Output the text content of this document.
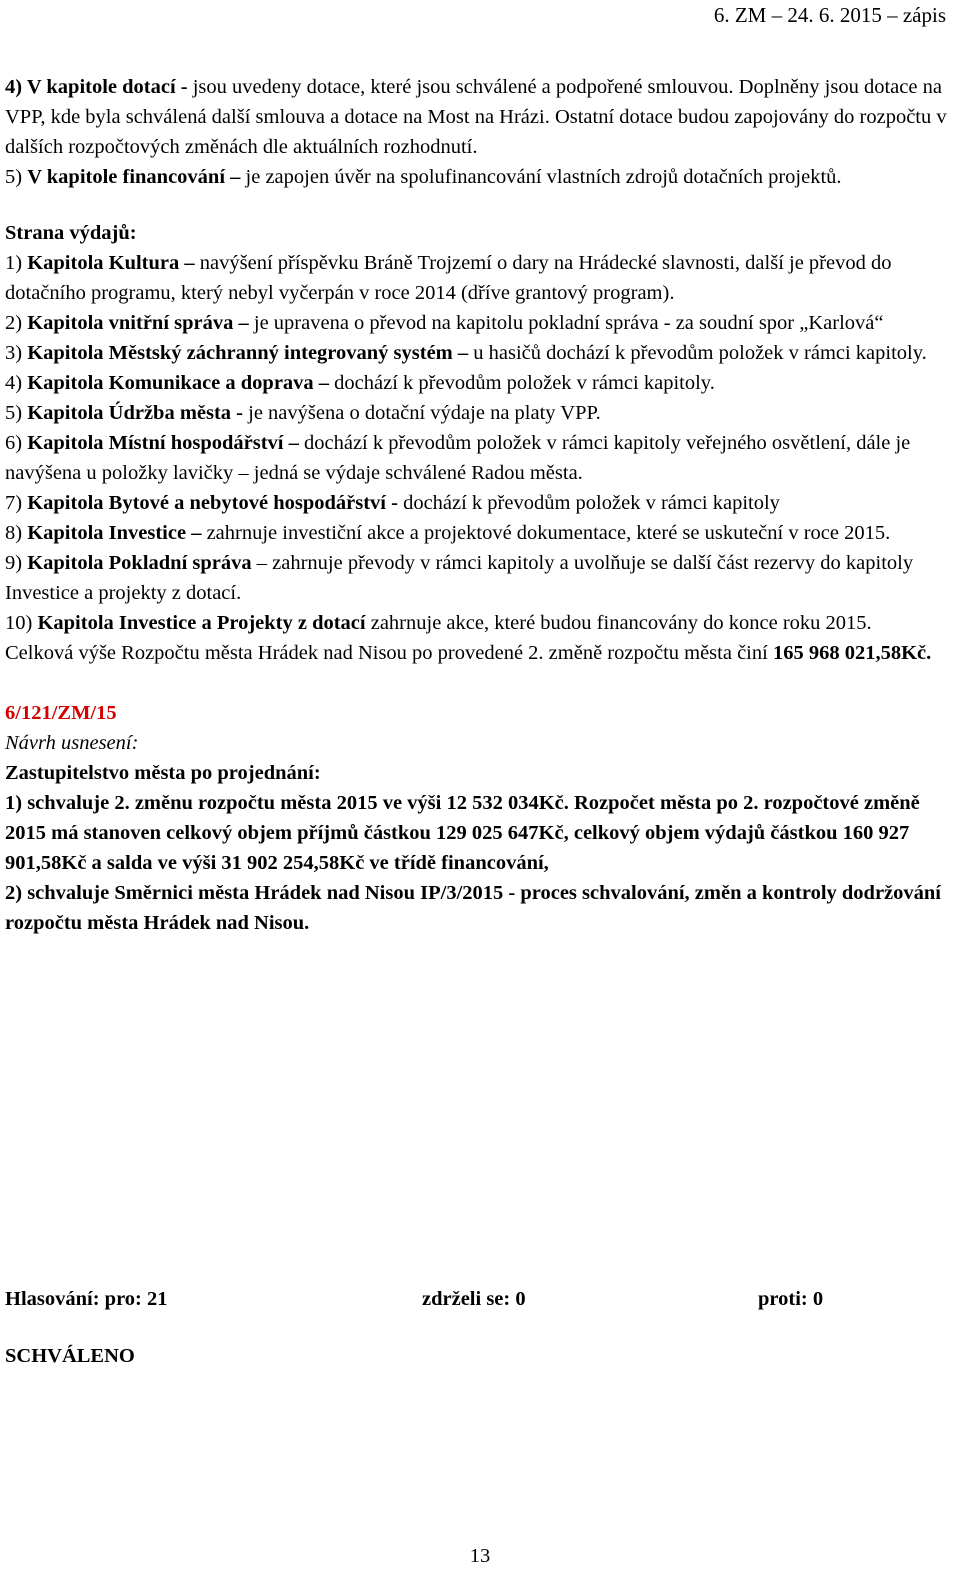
6. ZM – 24. 6. 2015 – zápis

4) V kapitole dotací - jsou uvedeny dotace, které jsou schválené a podpořené smlouvou. Doplněny jsou dotace na VPP, kde byla schválená další smlouva a dotace na Most na Hrázi. Ostatní dotace budou zapojovány do rozpočtu v dalších rozpočtových změnách dle aktuálních rozhodnutí.

5) V kapitole financování – je zapojen úvěr na spolufinancování vlastních zdrojů dotačních projektů.

Strana výdajů:

1) Kapitola Kultura – navýšení příspěvku Bráně Trojzemí o dary na Hrádecké slavnosti, další je převod do dotačního programu, který nebyl vyčerpán v roce 2014 (dříve grantový program).

2) Kapitola vnitřní správa – je upravena o převod na kapitolu pokladní správa - za soudní spor „Karlová“

3) Kapitola Městský záchranný integrovaný systém – u hasičů dochází k převodům položek v rámci kapitoly.

4) Kapitola Komunikace a doprava – dochází k převodům položek v rámci kapitoly.

5) Kapitola Údržba města - je navýšena o dotační výdaje na platy VPP.

6) Kapitola Místní hospodářství – dochází k převodům položek v rámci kapitoly veřejného osvětlení, dále je navýšena u položky lavičky – jedná se výdaje schválené Radou města.

7) Kapitola Bytové a nebytové hospodářství - dochází k převodům položek v rámci kapitoly

8) Kapitola Investice – zahrnuje investiční akce a projektové dokumentace, které se uskuteční v roce 2015.

9) Kapitola Pokladní správa – zahrnuje převody v rámci kapitoly a uvolňuje se další část rezervy do kapitoly Investice a projekty z dotací.

10) Kapitola Investice a Projekty z dotací zahrnuje akce, které budou financovány do konce roku 2015.

Celková výše Rozpočtu města Hrádek nad Nisou po provedené 2. změně rozpočtu města činí 165 968 021,58Kč.

6/121/ZM/15

Návrh usnesení:

Zastupitelstvo města po projednání:

1) schvaluje 2. změnu rozpočtu města 2015 ve výši 12 532 034Kč. Rozpočet města po 2. rozpočtové změně 2015 má stanoven celkový objem příjmů částkou 129 025 647Kč, celkový objem výdajů částkou 160 927 901,58Kč a salda ve výši 31 902 254,58Kč ve třídě financování,

2) schvaluje Směrnici města Hrádek nad Nisou IP/3/2015 - proces schvalování, změn a kontroly dodržování rozpočtu města Hrádek nad Nisou.

Hlasování: pro: 21	zdrželi se: 0	proti: 0
SCHVÁLENO
13
